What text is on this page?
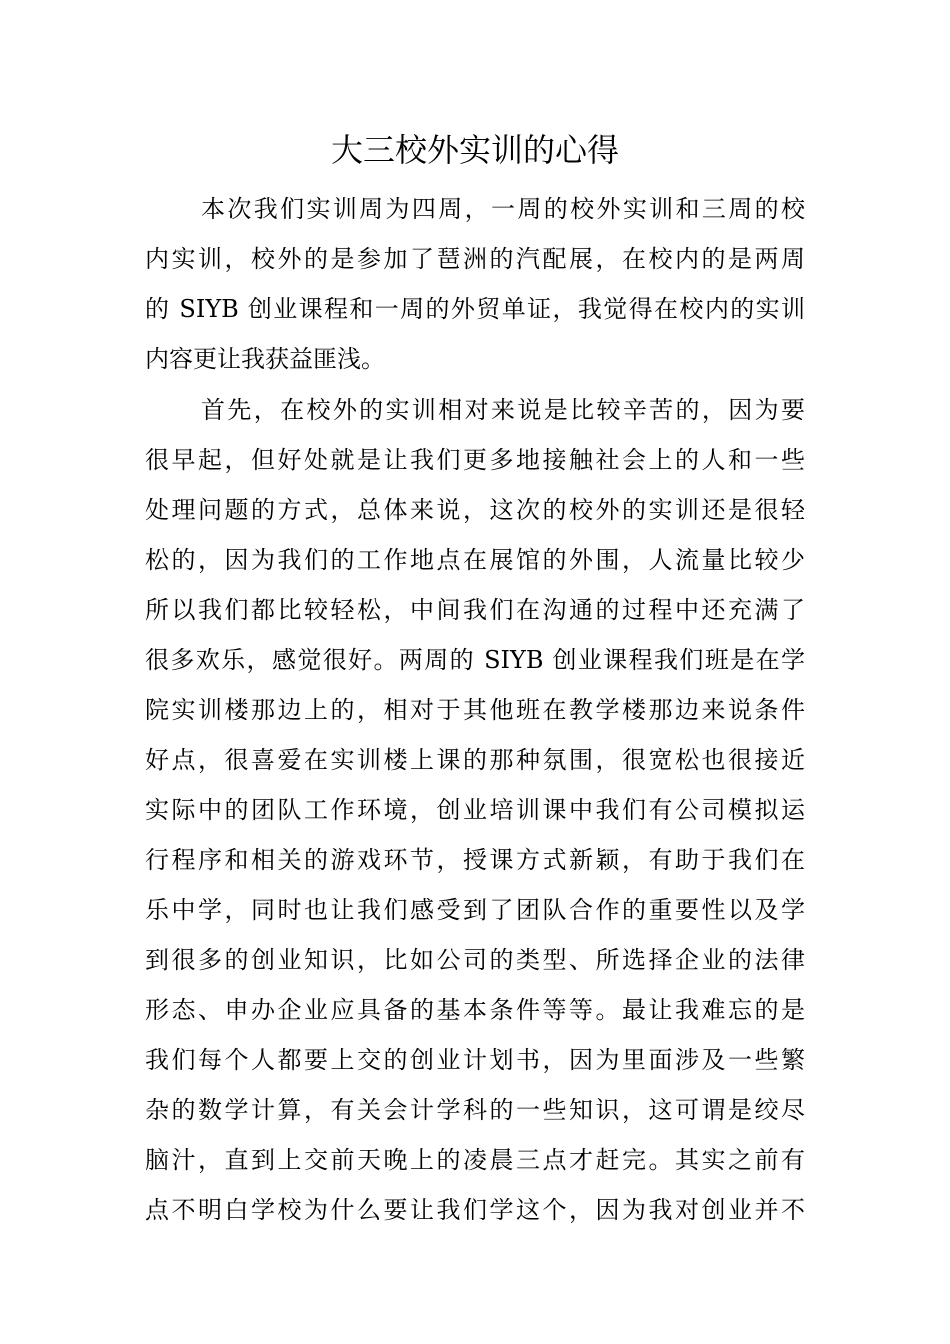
大三校外实训的心得
本次我们实训周为四周，一周的校外实训和三周的校
内实训，校外的是参加了琶洲的汽配展，在校内的是两周
的 SIYB 创业课程和一周的外贸单证，我觉得在校内的实训
内容更让我获益匪浅。
首先，在校外的实训相对来说是比较辛苦的，因为要
很早起，但好处就是让我们更多地接触社会上的人和一些
处理问题的方式，总体来说，这次的校外的实训还是很轻
松的，因为我们的工作地点在展馆的外围，人流量比较少
所以我们都比较轻松，中间我们在沟通的过程中还充满了
很多欢乐，感觉很好。两周的 SIYB 创业课程我们班是在学
院实训楼那边上的，相对于其他班在教学楼那边来说条件
好点，很喜爱在实训楼上课的那种氛围，很宽松也很接近
实际中的团队工作环境，创业培训课中我们有公司模拟运
行程序和相关的游戏环节，授课方式新颖，有助于我们在
乐中学，同时也让我们感受到了团队合作的重要性以及学
到很多的创业知识，比如公司的类型、所选择企业的法律
形态、申办企业应具备的基本条件等等。最让我难忘的是
我们每个人都要上交的创业计划书，因为里面涉及一些繁
杂的数学计算，有关会计学科的一些知识，这可谓是绞尽
脑汁，直到上交前天晚上的凌晨三点才赶完。其实之前有
点不明白学校为什么要让我们学这个，因为我对创业并不
